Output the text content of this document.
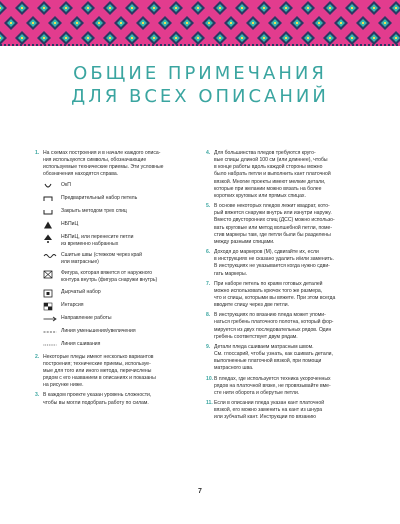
ОБЩИЕ ПРИМЕЧАНИЯ
ДЛЯ ВСЕХ ОПИСАНИЙ
1. На схемах построения и в начале каждого описа-
ния используются символы, обозначающие
используемые технические приемы. Эти условные
обозначения находятся справа.
ОкП
Предварительный набор петель
Закрыть методом трех спиц
НБПиЦ
НБПиЦ, или перенесите петли
из временно набранных
Сшитые швы (стежком через край
или матрасные)
Фигура, которая вяжется от наружного
контура внутрь (фигура снаружи внутрь)
Дырчатый набор
Интарсия
Направление работы
Линия уменьшения/увеличения
Линия сшивания
2. Некоторые пледы имеют несколько вариантов
построения; технические приемы, используе-
мые для того или иного метода, перечислены
рядом с его названием в описаниях и показаны
на рисунке ниже.
3. В каждом проекте указан уровень сложности,
чтобы вы могли подобрать работу по силам.
4. Для большинства пледов требуются кругo-
вые спицы длиной 100 см (или длиннее), чтобы
в конце работы вдоль каждой стороны можно
было набрать петли и выполнить кант платочной
вязкой. Многие проекты имеют мелкие детали,
которые при желании можно вязать на более
коротких круговых или прямых спицах.
5. В основе некоторых пледов лежит квадрат, кото-
рый вяжется снаружи внутрь или изнутри наружу.
Вместо двусторонних спиц (ДСС) можно использо-
вать круговые или метод волшебной петли, поме-
стив маркеры там, где петли были бы разделены
между разными спицами.
6. Доходя до маркеров (М), сдвигайте их, если
в инструкциях не сказано удалить и/или заменить.
В инструкциях не указывается когда нужно сдви-
гать маркеры.
7. При наборе петель по краям готовых деталей
можно использовать крючок того же размера,
что и спицы, которыми вы вяжете. При этом всегда
вводите спицу через две петли.
8. В инструкциях по вязанию пледа может упоми-
наться гребень платочного полотна, который фор-
мируется из двух последовательных рядов. Один
гребень соответствует двум рядам.
9. Детали пледа сшиваем матрасным швом.
См. глоссарий, чтобы узнать, как сшивать детали,
выполненные платочной вязкой, при помощи
матрасного шва.
10. В пледах, где используется техника укороченных
рядов на платочной вязке, не провязывайте вме-
сте нити оборота и оберутые петли.
11. Если в описании пледа указан кант платочной
вязкой, его можно заменить на кант из шнура
или зубчатый кант. Инструкции по вязанию
7
